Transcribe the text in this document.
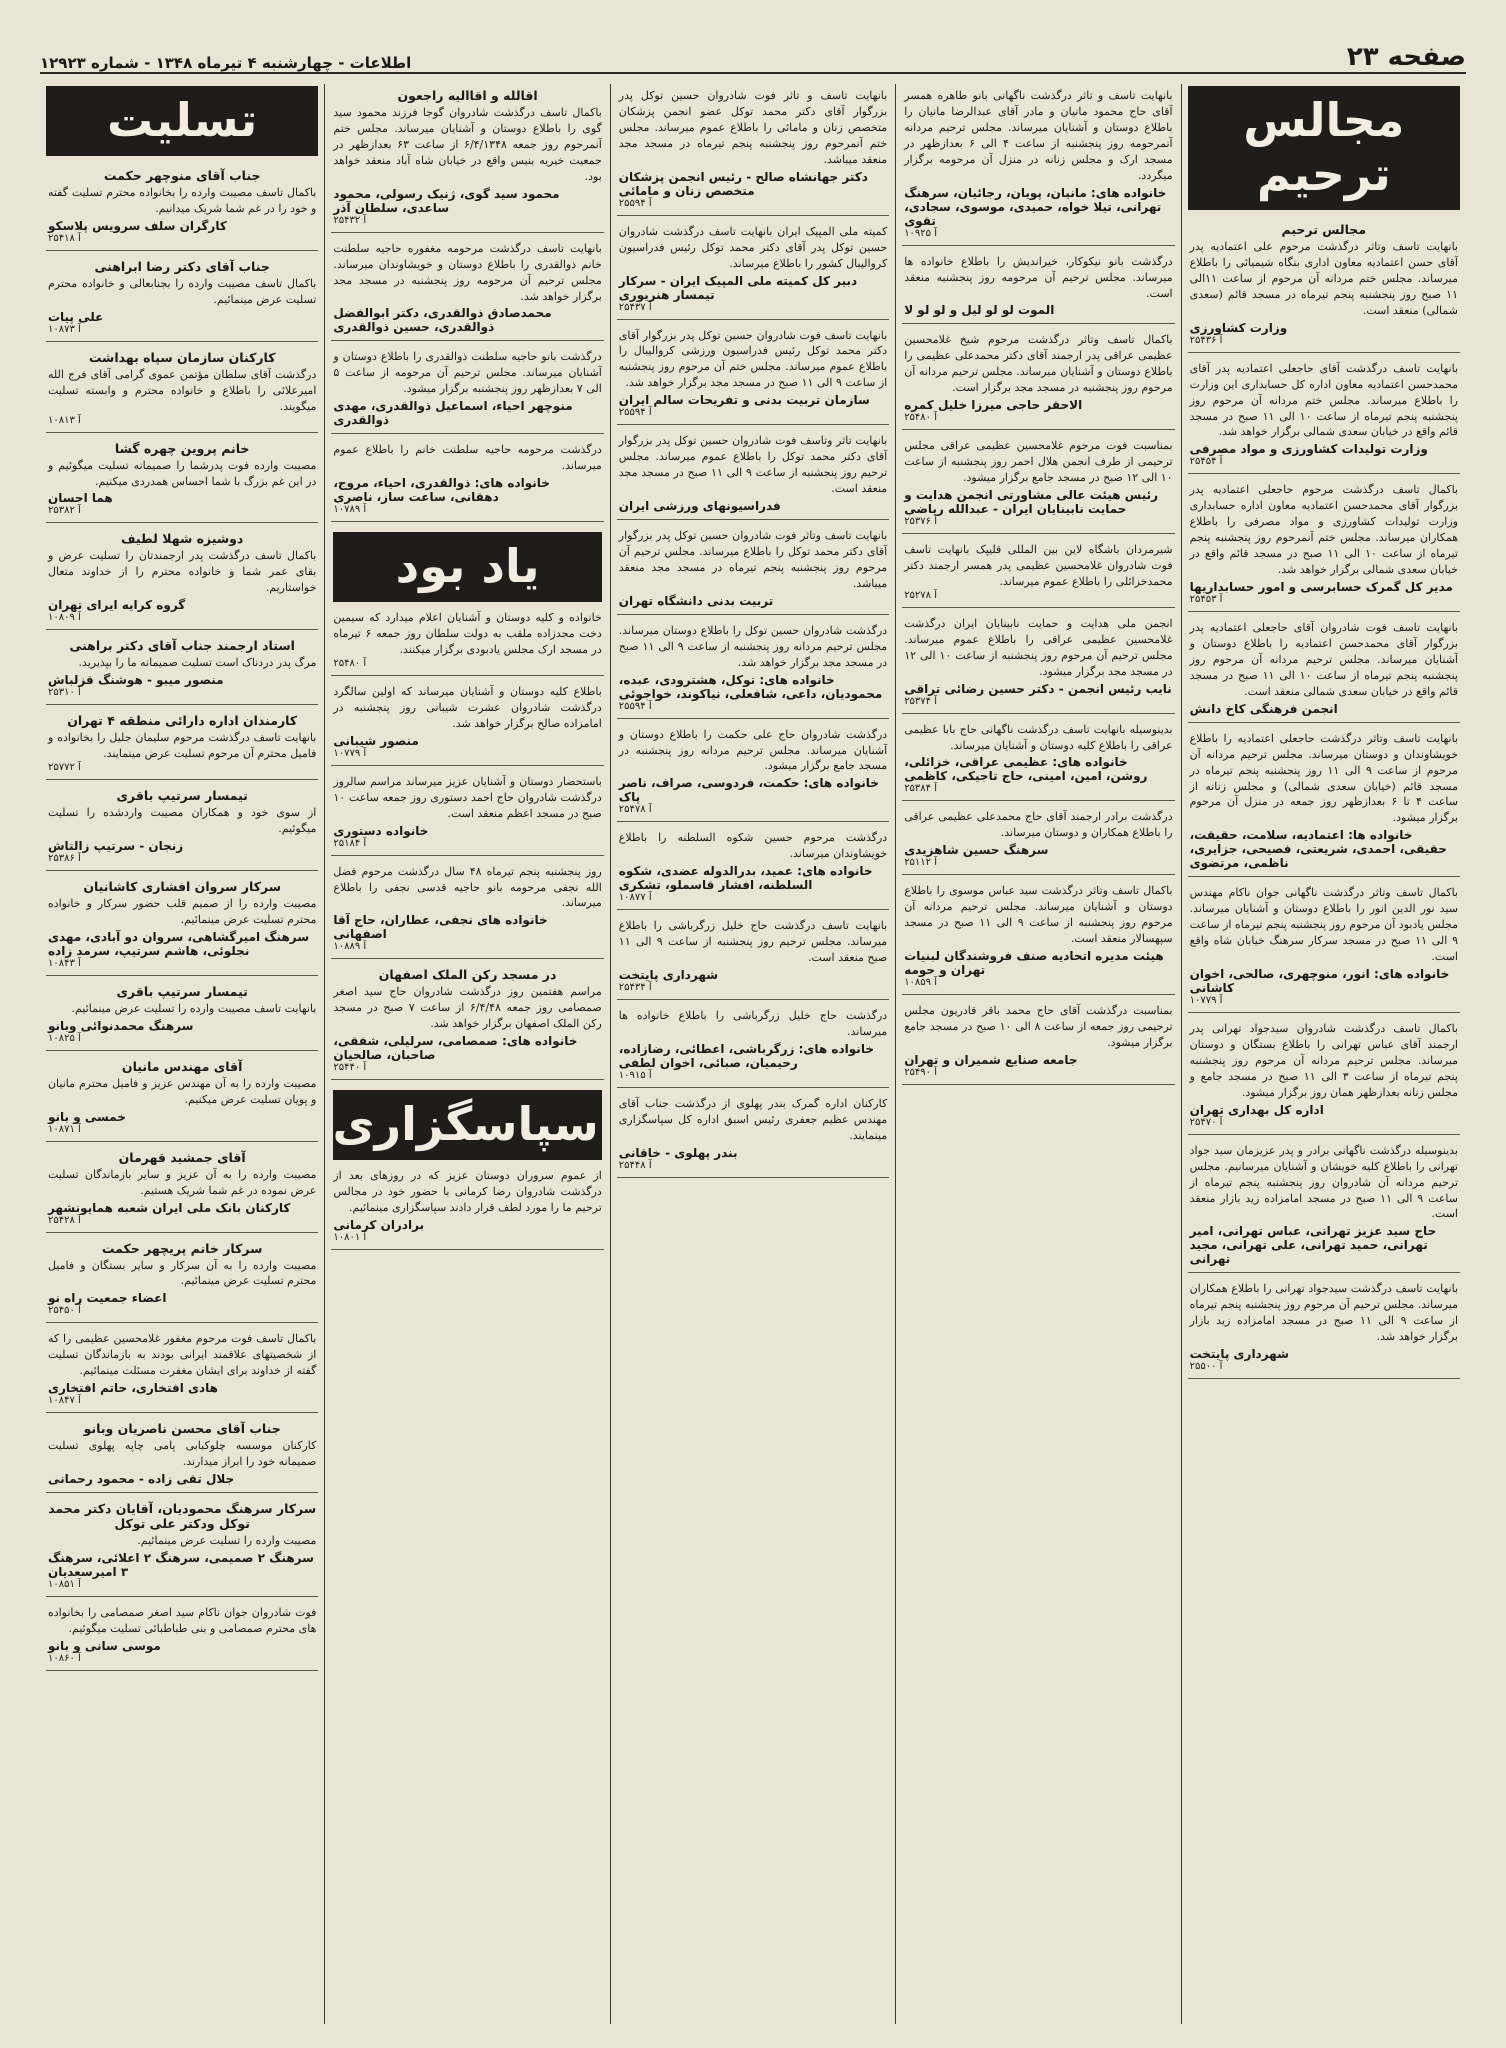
صفحه ۲۳
اطلاعات - چهارشنبه ۴ تیرماه ۱۳۴۸ - شماره ۱۲۹۲۳
مجالس ترحیم
مجالس ترحیم
بانهایت تاسف وتاثر درگذشت مرحوم علی اعتمادیه پدر آقای حسن اعتمادیه معاون اداری بنگاه شیمیائی را باطلاع میرساند. مجلس ختم مردانه آن مرحوم از ساعت ۱۱الی ۱۱ صبح روز پنجشنبه پنجم تیرماه در مسجد قائم (سعدی شمالی) منعقد است.
وزارت کشاورزی
آ ۲۵۴۳۶
بانهایت تاسف درگذشت آقای حاجعلی اعتمادیه پدر آقای محمدحسن اعتمادیه معاون اداره کل حسابداری این وزارت را باطلاع میرساند. مجلس ختم مردانه آن مرحوم روز پنجشنبه پنجم تیرماه از ساعت ۱۰ الی ۱۱ صبح در مسجد قائم واقع در خیابان سعدی شمالی برگزار خواهد شد.
وزارت تولیدات کشاورزی و مواد مصرفی
آ ۲۵۴۵۴
باکمال تاسف درگذشت مرحوم حاجعلی اعتمادیه پدر بزرگوار آقای محمدحسن اعتمادیه معاون اداره حسابداری وزارت تولیدات کشاورزی و مواد مصرفی را باطلاع همکاران میرساند. مجلس ختم آنمرحوم روز پنجشنبه پنجم تیرماه از ساعت ۱۰ الی ۱۱ صبح در مسجد قائم واقع در خیابان سعدی شمالی برگزار خواهد شد.
مدیر کل گمرک حسابرسی و امور حسابداریها
آ ۲۵۴۵۳
بانهایت تاسف فوت شادروان آقای حاجعلی اعتمادیه پدر بزرگوار آقای محمدحسن اعتمادیه را باطلاع دوستان و آشنایان میرساند. مجلس ترحیم مردانه آن مرحوم روز پنجشنبه پنجم تیرماه از ساعت ۱۰ الی ۱۱ صبح در مسجد قائم واقع در خیابان سعدی شمالی منعقد است.
انجمن فرهنگی کاخ دانش
بانهایت تاسف وتاثر درگذشت حاجعلی اعتمادیه را باطلاع خویشاوندان و دوستان میرساند. مجلس ترحیم مردانه آن مرحوم از ساعت ۹ الی ۱۱ روز پنجشنبه پنجم تیرماه در مسجد قائم (خیابان سعدی شمالی) و مجلس زنانه از ساعت ۴ تا ۶ بعدازظهر روز جمعه در منزل آن مرحوم برگزار میشود.
خانواده ها: اعتمادیه، سلامت، حقیقت، حقیقی، احمدی، شریعتی، فصیحی، جزایری، ناظمی، مرتضوی
باکمال تاسف وتاثر درگذشت ناگهانی جوان ناکام مهندس سید نور الدین انور را باطلاع دوستان و آشنایان میرساند. مجلس یادبود آن مرحوم روز پنجشنبه پنجم تیرماه از ساعت ۹ الی ۱۱ صبح در مسجد سرکار سرهنگ خیابان شاه واقع است.
خانواده های: انور، منوچهری، صالحی، اخوان کاشانی
آ ۱۰۷۷۹
باکمال تاسف درگذشت شادروان سیدجواد تهرانی پدر ارجمند آقای عباس تهرانی را باطلاع بستگان و دوستان میرساند. مجلس ترحیم مردانه آن مرحوم روز پنجشنبه پنجم تیرماه از ساعت ۳ الی ۱۱ صبح در مسجد جامع و مجلس زنانه بعدازظهر همان روز برگزار میشود.
اداره کل بهداری تهران
آ ۲۵۴۷۰
بدینوسیله درگذشت ناگهانی برادر و پدر عزیزمان سید جواد تهرانی را باطلاع کلیه خویشان و آشنایان میرسانیم. مجلس ترحیم مردانه آن شادروان روز پنجشنبه پنجم تیرماه از ساعت ۹ الی ۱۱ صبح در مسجد امامزاده زید بازار منعقد است.
حاج سید عزیز تهرانی، عباس تهرانی، امیر تهرانی، حمید تهرانی، علی تهرانی، مجید تهرانی
بانهایت تاسف درگذشت سیدجواد تهرانی را باطلاع همکاران میرساند. مجلس ترحیم آن مرحوم روز پنجشنبه پنجم تیرماه از ساعت ۹ الی ۱۱ صبح در مسجد امامزاده زید بازار برگزار خواهد شد.
شهرداری پایتخت
آ ۲۵۵۰۰
بانهایت تاسف و تاثر درگذشت ناگهانی بانو طاهره همسر آقای حاج محمود مانیان و مادر آقای عبدالرضا مانیان را باطلاع دوستان و آشنایان میرساند. مجلس ترحیم مردانه آنمرحومه روز پنجشنبه از ساعت ۴ الی ۶ بعدازظهر در مسجد ارک و مجلس زنانه در منزل آن مرحومه برگزار میگردد.
خانواده های: مانیان، پویان، رجائیان، سرهنگ تهرانی، تیلا خواه، حمیدی، موسوی، سجادی، تقوی
آ ۱۰۹۲۵
درگذشت بانو نیکوکار، خیراندیش را باطلاع خانواده ها میرساند. مجلس ترحیم آن مرحومه روز پنجشنبه منعقد است.
الموت لو لو لیل و لو لو لا
باکمال تاسف وتاثر درگذشت مرحوم شیخ غلامحسین عظیمی عراقی پدر ارجمند آقای دکتر محمدعلی عظیمی را باطلاع دوستان و آشنایان میرساند. مجلس ترحیم مردانه آن مرحوم روز پنجشنبه در مسجد مجد برگزار است.
الاحقر حاجی میرزا خلیل کمره
آ ۲۵۴۸۰
بمناسبت فوت مرحوم غلامحسین عظیمی عراقی مجلس ترحیمی از طرف انجمن هلال احمر روز پنجشنبه از ساعت ۱۰ الی ۱۲ صبح در مسجد جامع برگزار میشود.
رئیس هیئت عالی مشاورتی انجمن هدایت و حمایت نابینایان ایران - عبدالله ریاضی
آ ۲۵۳۷۶
شیرمردان باشگاه لاین بین المللی قلیپک بانهایت تاسف فوت شادروان غلامحسین عظیمی پدر همسر ارجمند دکتر محمدخزائلی را باطلاع عموم میرساند.
آ ۲۵۲۷۸
انجمن ملی هدایت و حمایت نابینایان ایران درگذشت غلامحسین عظیمی عراقی را باطلاع عموم میرساند. مجلس ترحیم آن مرحوم روز پنجشنبه از ساعت ۱۰ الی ۱۲ در مسجد مجد برگزار میشود.
نایب رئیس انجمن - دکتر حسین رضائی تراقی
آ ۲۵۳۷۴
بدینوسیله بانهایت تاسف درگذشت ناگهانی حاج بابا عظیمی عراقی را باطلاع کلیه دوستان و آشنایان میرساند.
خانواده های: عظیمی عراقی، خزائلی، روشن، امین، امینی، حاج تاجیکی، کاظمی
آ ۲۵۳۸۴
درگذشت برادر ارجمند آقای حاج محمدعلی عظیمی عراقی را باطلاع همکاران و دوستان میرساند.
سرهنگ حسین شاهزیدی
آ ۲۵۱۱۲
باکمال تاسف وتاثر درگذشت سید عباس موسوی را باطلاع دوستان و آشنایان میرساند. مجلس ترحیم مردانه آن مرحوم روز پنجشنبه از ساعت ۹ الی ۱۱ صبح در مسجد سپهسالار منعقد است.
هیئت مدیره اتحادیه صنف فروشندگان لبنیات تهران و حومه
آ ۱۰۸۵۹
بمناسبت درگذشت آقای حاج محمد باقر قادریون مجلس ترحیمی روز جمعه از ساعت ۸ الی ۱۰ صبح در مسجد جامع برگزار میشود.
جامعه صنایع شمیران و تهران
آ ۲۵۴۹۰
بانهایت تاسف و تاثر فوت شادروان حسین توکل پدر بزرگوار آقای دکتر محمد توکل عضو انجمن پزشکان متخصص زنان و مامائی را باطلاع عموم میرساند. مجلس ختم آنمرحوم روز پنجشنبه پنجم تیرماه در مسجد مجد منعقد میباشد.
دکتر جهانشاه صالح - رئیس انجمن پزشکان متخصص زنان و مامائی
آ ۲۵۵۹۴
کمیته ملی المپیک ایران بانهایت تاسف درگذشت شادروان حسین توکل پدر آقای دکتر محمد توکل رئیس فدراسیون کروالیبال کشور را باطلاع میرساند.
دبیر کل کمیته ملی المپیک ایران - سرکار تیمسار هنریوری
آ ۲۵۴۳۷
بانهایت تاسف فوت شادروان حسین توکل پدر بزرگوار آقای دکتر محمد توکل رئیس فدراسیون ورزشی کروالیبال را باطلاع عموم میرساند. مجلس ختم آن مرحوم روز پنجشنبه از ساعت ۹ الی ۱۱ صبح در مسجد مجد برگزار خواهد شد.
سازمان تربیت بدنی و تفریحات سالم ایران
آ ۲۵۵۹۴
بانهایت تاثر وتاسف فوت شادروان حسین توکل پدر بزرگوار آقای دکتر محمد توکل را باطلاع عموم میرساند. مجلس ترحیم روز پنجشنبه از ساعت ۹ الی ۱۱ صبح در مسجد مجد منعقد است.
فدراسیونهای ورزشی ایران
بانهایت تاسف وتاثر فوت شادروان حسین توکل پدر بزرگوار آقای دکتر محمد توکل را باطلاع میرساند. مجلس ترحیم آن مرحوم روز پنجشنبه پنجم تیرماه در مسجد مجد منعقد میباشد.
تربیت بدنی دانشگاه تهران
درگذشت شادروان حسین توکل را باطلاع دوستان میرساند. مجلس ترحیم مردانه روز پنجشنبه از ساعت ۹ الی ۱۱ صبح در مسجد مجد برگزار خواهد شد.
خانواده های: توکل، هشترودی، عبده، محمودیان، داعی، شافعلی، نیاکوند، خواجوئی
آ ۲۵۵۹۴
درگذشت شادروان حاج علی حکمت را باطلاع دوستان و آشنایان میرساند. مجلس ترحیم مردانه روز پنجشنبه در مسجد جامع برگزار میشود.
خانواده های: حکمت، فردوسی، صراف، ناصر پاک
آ ۲۵۴۷۸
درگذشت مرحوم حسین شکوه السلطنه را باطلاع خویشاوندان میرساند.
خانواده های: عمید، بدرالدوله عضدی، شکوه السلطنه، افشار قاسملو، تشکری
آ ۱۰۸۷۷
بانهایت تاسف درگذشت حاج خلیل زرگرباشی را باطلاع میرساند. مجلس ترحیم روز پنجشنبه از ساعت ۹ الی ۱۱ صبح منعقد است.
شهرداری پایتخت
آ ۲۵۴۳۴
درگذشت حاج خلیل زرگرباشی را باطلاع خانواده ها میرساند.
خانواده های: زرگرباشی، اعطائی، رضازاده، رحیمیان، صبائی، اخوان لطفی
آ ۱۰۹۱۵
کارکنان اداره گمرک بندر پهلوی از درگذشت جناب آقای مهندس عظیم جعفری رئیس اسبق اداره کل سپاسگزاری مینمایند.
بندر پهلوی - خاقانی
آ ۲۵۴۴۸
اقالله و اقاالیه راجعون
باکمال تاسف درگذشت شادروان گوجا فرزند محمود سید گوی را باطلاع دوستان و آشنایان میرساند. مجلس ختم آنمرحوم روز جمعه ۶/۴/۱۳۴۸ از ساعت ۶۳ بعدازظهر در جمعیت خیریه بنیس واقع در خیابان شاه آباد منعقد خواهد بود.
محمود سید گوی، ژنیک رسولی، محمود ساعدی، سلطان آذر
آ ۲۵۴۳۲
بانهایت تاسف درگذشت مرحومه مغفوره حاجیه سلطنت خانم ذوالقدری را باطلاع دوستان و خویشاوندان میرساند. مجلس ترحیم آن مرحومه روز پنجشنبه در مسجد مجد برگزار خواهد شد.
محمدصادق ذوالقدری، دکتر ابوالفضل ذوالقدری، حسین ذوالقدری
درگذشت بانو حاجیه سلطنت ذوالقدری را باطلاع دوستان و آشنایان میرساند. مجلس ترحیم آن مرحومه از ساعت ۵ الی ۷ بعدازظهر روز پنجشنبه برگزار میشود.
منوچهر احیاء، اسماعیل ذوالقدری، مهدی ذوالقدری
درگذشت مرحومه حاجیه سلطنت خانم را باطلاع عموم میرساند.
خانواده های: ذوالقدری، احیاء، مروج، دهقانی، ساعت ساز، ناصری
آ ۱۰۷۸۹
یاد بود
خانواده و کلیه دوستان و آشنایان اعلام میدارد که سیمین دخت مجدزاده ملقب به دولت سلطان روز جمعه ۶ تیرماه در مسجد ارک مجلس یادبودی برگزار میکنند.
آ ۲۵۴۸۰
باطلاع کلیه دوستان و آشنایان میرساند که اولین سالگرد درگذشت شادروان عشرت شیبانی روز پنجشنبه در امامزاده صالح برگزار خواهد شد.
منصور شیبانی
آ ۱۰۷۷۹
باستحضار دوستان و آشنایان عزیز میرساند مراسم سالروز درگذشت شادروان حاج احمد دستوری روز جمعه ساعت ۱۰ صبح در مسجد اعظم منعقد است.
خانواده دستوری
آ ۲۵۱۸۴
روز پنجشنبه پنجم تیرماه ۴۸ سال درگذشت مرحوم فضل الله نجفی مرحومه بانو حاجیه قدسی نجفی را باطلاع میرساند.
خانواده های نجفی، عطاران، حاج آقا اصفهانی
آ ۱۰۸۸۹
در مسجد رکن الملک اصفهان
مراسم هفتمین روز درگذشت شادروان حاج سید اصغر صمصامی روز جمعه ۶/۴/۴۸ از ساعت ۷ صبح در مسجد رکن الملک اصفهان برگزار خواهد شد.
خانواده های: صمصامی، سرلیلی، شفقی، صاحبان، صالحیان
آ ۲۵۴۴۰
سپاسگزاری
از عموم سروران دوستان عزیز که در روزهای بعد از درگذشت شادروان رضا کرمانی با حضور خود در مجالس ترحیم ما را مورد لطف قرار دادند سپاسگزاری مینمائیم.
برادران کرمانی
آ ۱۰۸۰۱
تسلیت
جناب آقای منوچهر حکمت
باکمال تاسف مصیبت وارده را بخانواده محترم تسلیت گفته و خود را در غم شما شریک میدانیم.
کارگران سلف سرویس پلاسکو
آ ۲۵۴۱۸
جناب آقای دکتر رضا ابراهنی
باکمال تاسف مصیبت وارده را بجنابعالی و خانواده محترم تسلیت عرض مینمائیم.
علی پیات
آ ۱۰۸۷۳
کارکنان سازمان سپاه بهداشت
درگذشت آقای سلطان مؤتمن عموی گرامی آقای فرج الله امیرعلائی را باطلاع و خانواده محترم و وابسته تسلیت میگویند.
آ ۱۰۸۱۳
خانم پروین چهره گشا
مصیبت وارده فوت پدرشما را صمیمانه تسلیت میگوئیم و در این غم بزرگ با شما احساس همدردی میکنیم.
هما احسان
آ ۲۵۳۸۲
دوشیزه شهلا لطیف
باکمال تاسف درگذشت پدر ارجمندتان را تسلیت عرض و بقای عمر شما و خانواده محترم را از خداوند متعال خواستاریم.
گروه کرایه ایرای تهران
آ ۱۰۸۰۹
استاد ارجمند جناب آقای دکتر براهنی
مرگ پدر دردناک است تسلیت صمیمانه ما را بپذیرید.
منصور میبو - هوشنگ قزلباش
آ ۲۵۳۱۰
کارمندان اداره دارائی منطقه ۴ تهران
بانهایت تاسف درگذشت مرحوم سلیمان جلیل را بخانواده و فامیل محترم آن مرحوم تسلیت عرض مینمایند.
آ ۲۵۷۷۲
تیمسار سرتیپ باقری
از سوی خود و همکاران مصیبت واردشده را تسلیت میگوئیم.
زنجان - سرتیپ زالتاش
آ ۲۵۳۸۶
سرکار سروان افشاری کاشانیان
مصیبت وارده را از صمیم قلب حضور سرکار و خانواده محترم تسلیت عرض مینمائیم.
سرهنگ امیرگشاهی، سروان دو آبادی، مهدی نجلوئی، هاشم سرتیپ، سرمد زاده
آ ۱۰۸۴۳
تیمسار سرتیپ باقری
بانهایت تاسف مصیبت وارده را تسلیت عرض مینمائیم.
سرهنگ محمدنوائی وبانو
آ ۱۰۸۲۵
آقای مهندس مانیان
مصیبت وارده را به آن مهندس عزیز و فامیل محترم مانیان و پویان تسلیت عرض میکنیم.
خمسی و بانو
آ ۱۰۸۷۱
آقای جمشید قهرمان
مصیبت وارده را به آن عزیز و سایر بازماندگان تسلیت عرض نموده در غم شما شریک هستیم.
کارکنان بانک ملی ایران شعبه همایونشهر
آ ۲۵۴۲۸
سرکار خانم پریچهر حکمت
مصیبت وارده را به آن سرکار و سایر بستگان و فامیل محترم تسلیت عرض مینمائیم.
اعضاء جمعیت راه نو
آ ۲۵۴۵۰
باکمال تاسف فوت مرحوم مغفور غلامحسین عظیمی را که از شخصیتهای علاقمند ایرانی بودند به بازماندگان تسلیت گفته از خداوند برای ایشان مغفرت مسئلت مینمائیم.
هادی افتخاری، حاتم افتخاری
آ ۱۰۸۴۷
جناب آقای محسن ناصریان وبانو
کارکنان موسسه چلوکبابی پامی چاپه پهلوی تسلیت صمیمانه خود را ابراز میدارند.
جلال تقی زاده - محمود رحمانی
سرکار سرهنگ محمودیان، آقایان دکتر محمد توکل ودکتر علی توکل
مصیبت وارده را تسلیت عرض مینمائیم.
سرهنگ ۲ صمیمی، سرهنگ ۲ اعلائی، سرهنگ ۳ امیرسعدیان
آ ۱۰۸۵۱
فوت شادروان جوان ناکام سید اصغر صمصامی را بخانواده های محترم صمصامی و بنی طباطبائی تسلیت میگوئیم.
موسی سانی و بانو
آ ۱۰۸۶۰
